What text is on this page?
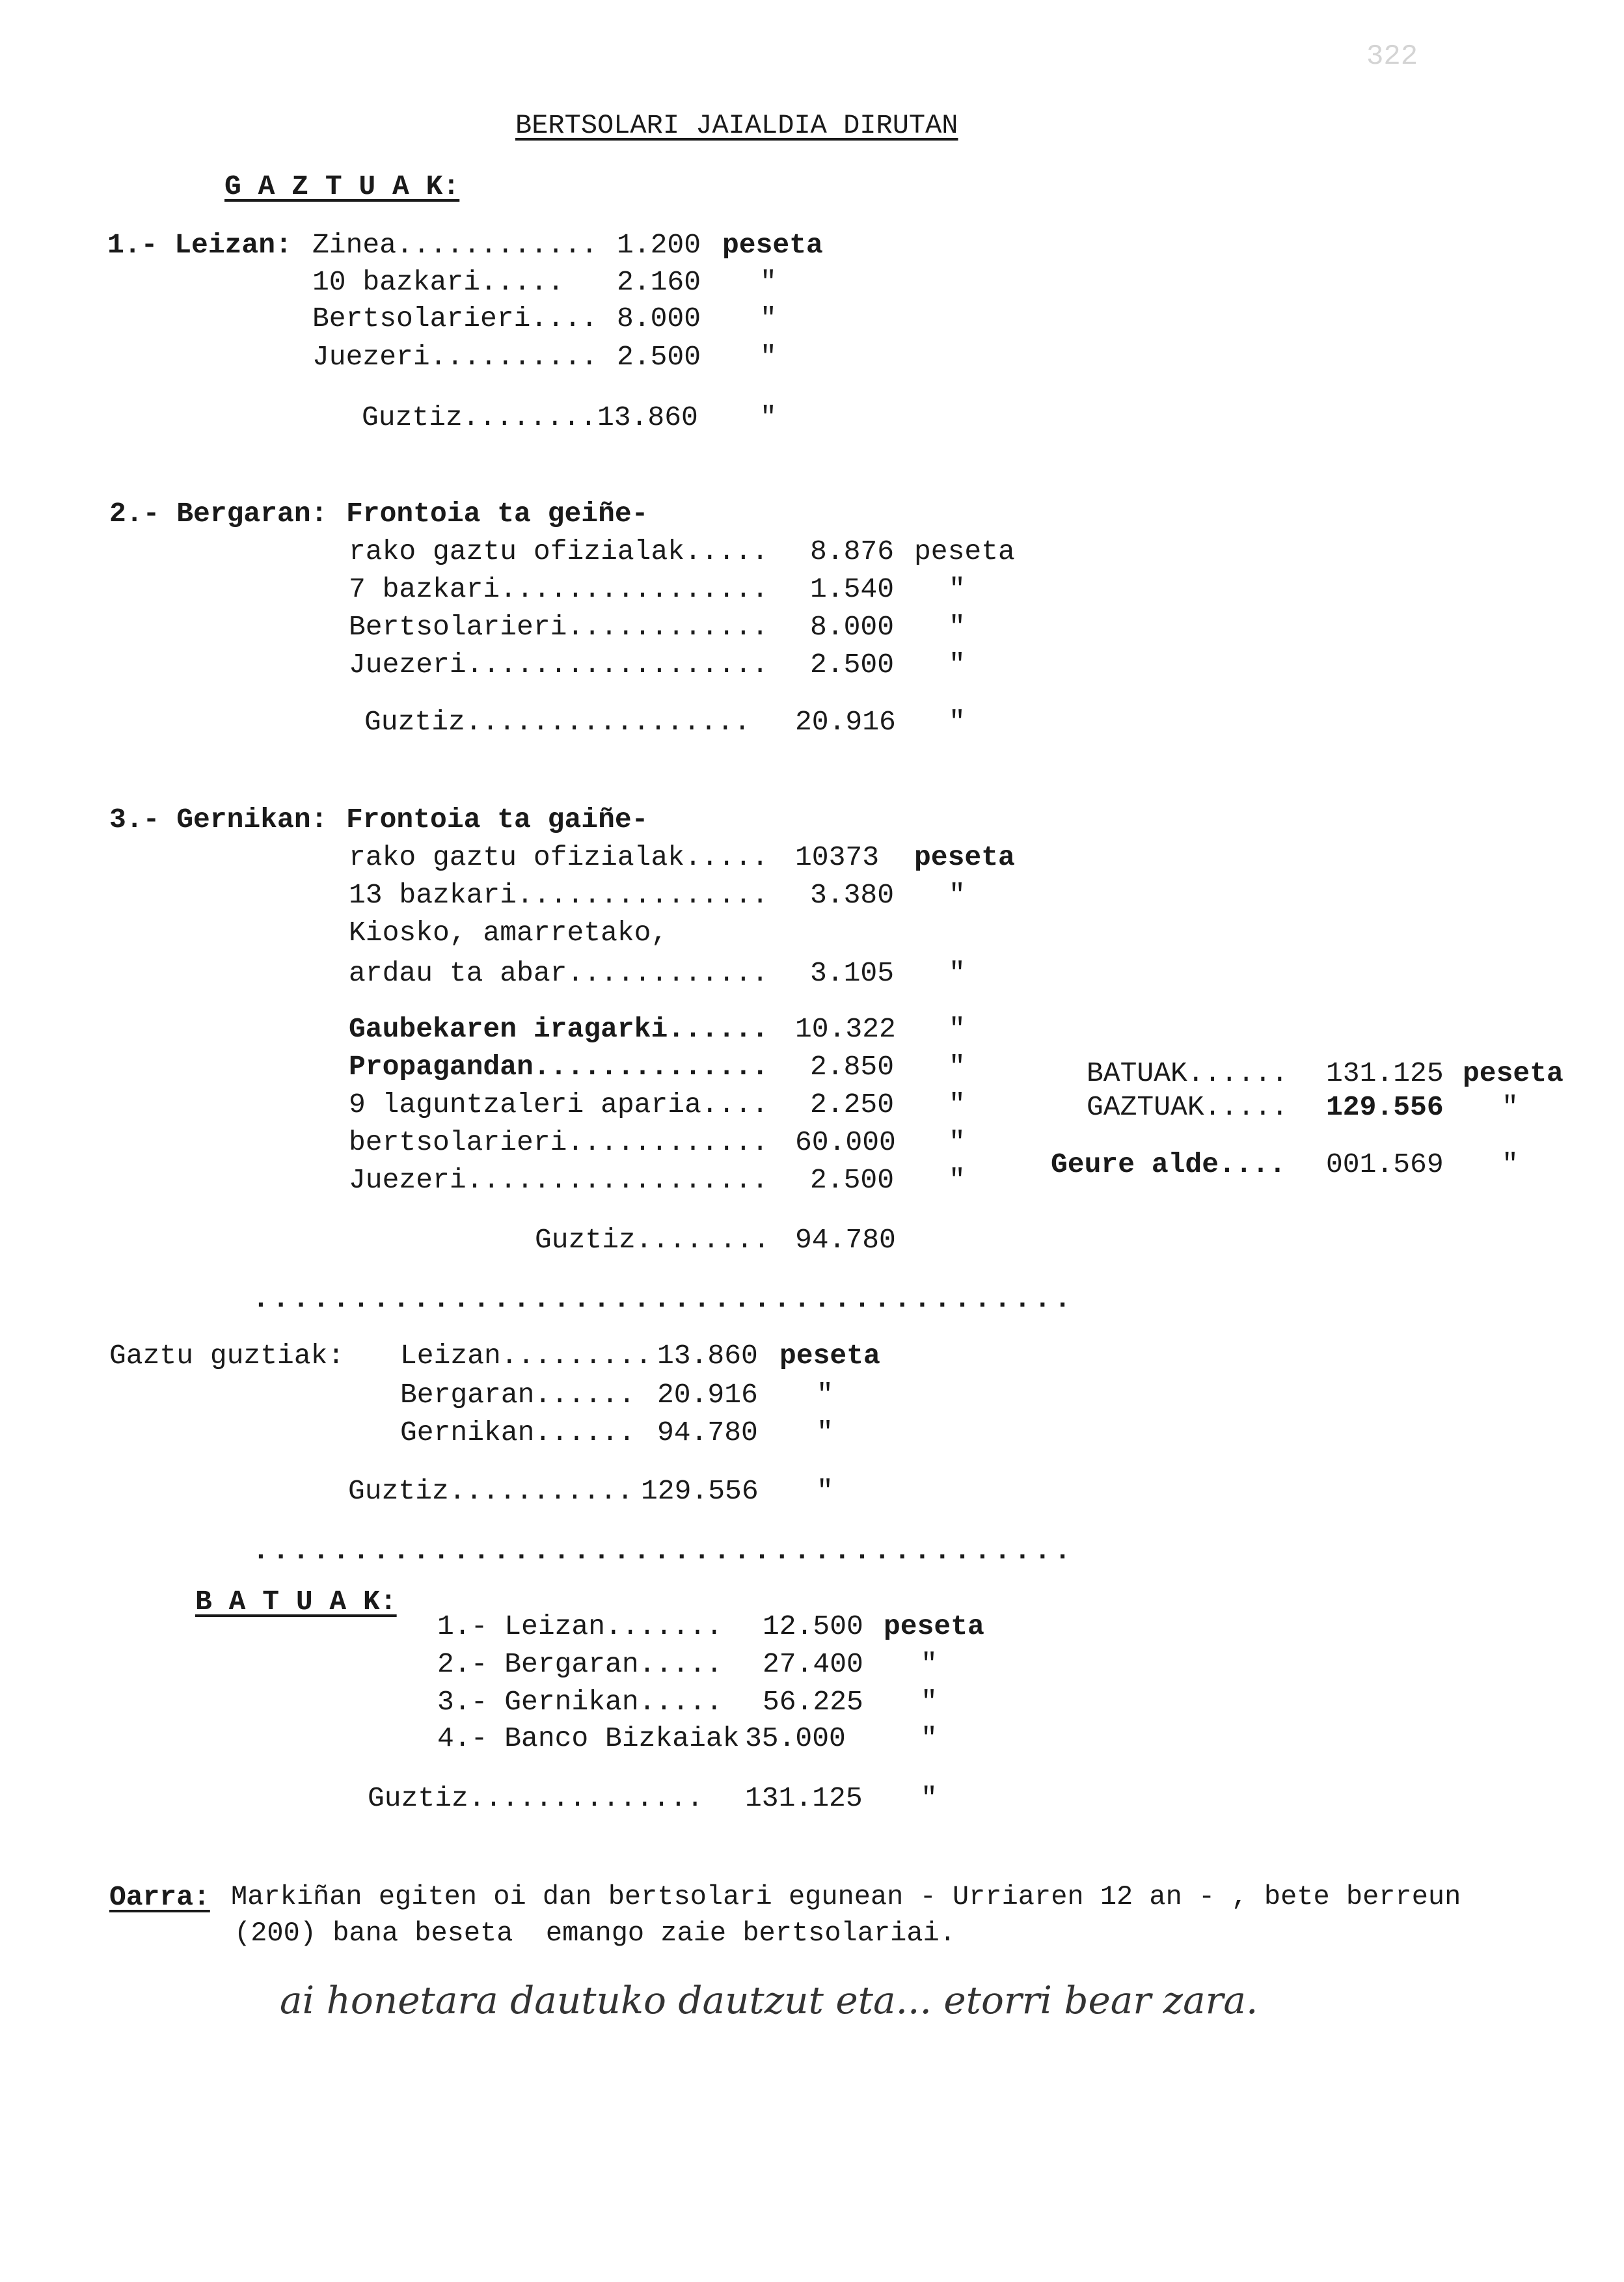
322
BERTSOLARI JAIALDIA DIRUTAN
G A Z T U A K:
1.- Leizan: Zinea............ 1.200 peseta
10 bazkari..... 2.160 "
Bertsolarieri.... 8.000 "
Juezeri.......... 2.500 "
Guztiz........ 13.860 "
2.- Bergaran: Frontoia ta geiñe-
rako gaztu ofizialak..... 8.876 peseta
7 bazkari................ 1.540 "
Bertsolarieri............ 8.000 "
Juezeri.................. 2.500 "
Guztiz................. 20.916 "
3.- Gernikan: Frontoia ta gaiñe-
rako gaztu ofizialak..... 10373 peseta
13 bazkari............... 3.380 "
Kiosko, amarretako,
ardau ta abar............ 3.105 "
Gaubekaren iragarki...... 10.322 "
Propagandan.............. 2.850 "
9 laguntzaleri aparia.... 2.250 "
bertsolarieri............ 60.000 "
Juezeri.................. 2.500 "
Guztiz........ 94.780
BATUAK...... 131.125 peseta
GAZTUAK..... 129.556 "
Geure alde.... 001.569 "
.........................................
Gaztu guztiak: Leizan......... 13.860 peseta
Bergaran...... 20.916 "
Gernikan...... 94.780 "
Guztiz........... 129.556 "
.........................................
B A T U A K:
1.- Leizan....... 12.500 peseta
2.- Bergaran..... 27.400 "
3.- Gernikan..... 56.225 "
4.- Banco Bizkaiak 35.000	"
Guztiz.............. 131.125 "
Oarra: Markiñan egiten oi dan bertsolari egunean - Urriaren 12 an - , bete berreun
(200) bana beseta  emango zaie bertsolariai.
ai honetara dautuko dautzut eta... etorri bear zara.
